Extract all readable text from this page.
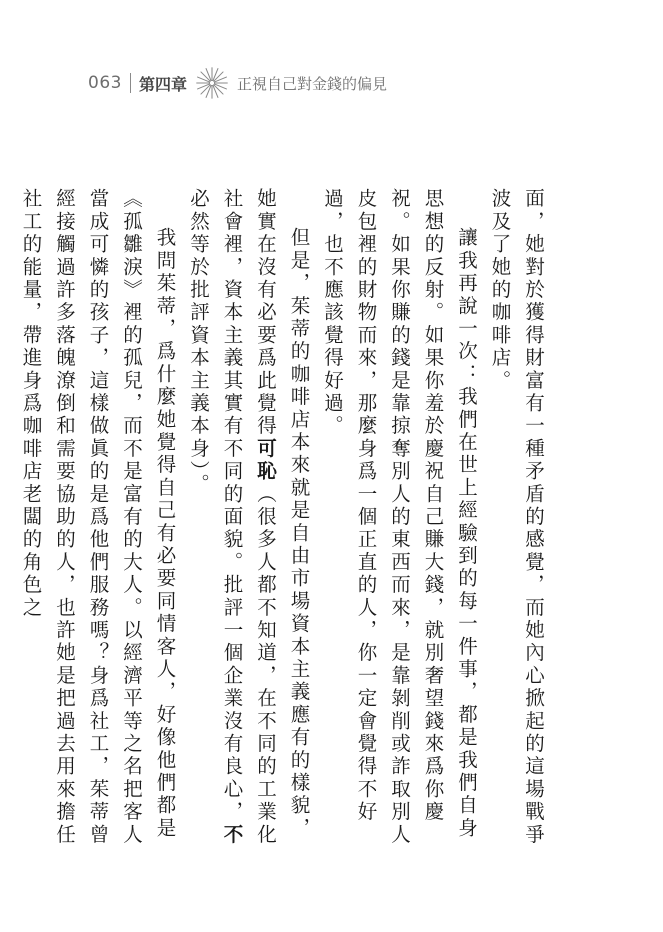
063 第四章	正視自己對金錢的偏見

面，她對於獲得財富有一種矛盾的感覺，而她內心掀起的這場戰爭波及了她的咖啡店。

讓我再說一次：我們在世上經驗到的每一件事，都是我們自身思想的反射。如果你羞於慶祝自己賺大錢，就別奢望錢來爲你慶祝。如果你賺的錢是靠掠奪別人的東西而來，是靠剝削或詐取別人皮包裡的財物而來，那麼身爲一個正直的人，你一定會覺得不好過，也不應該覺得好過。

但是，茱蒂的咖啡店本來就是自由市場資本主義應有的樣貌，她實在沒有必要爲此覺得可恥（很多人都不知道，在不同的工業化社會裡，資本主義其實有不同的面貌。批評一個企業沒有良心，不必然等於批評資本主義本身）。

我問茱蒂，爲什麼她覺得自己有必要同情客人，好像他們都是《孤雛淚》裡的孤兒，而不是富有的大人。以經濟平等之名把客人當成可憐的孩子，這樣做眞的是爲他們服務嗎？身爲社工，茱蒂曾經接觸過許多落魄潦倒和需要協助的人，也許她是把過去用來擔任社工的能量，帶進身爲咖啡店老闆的角色之
